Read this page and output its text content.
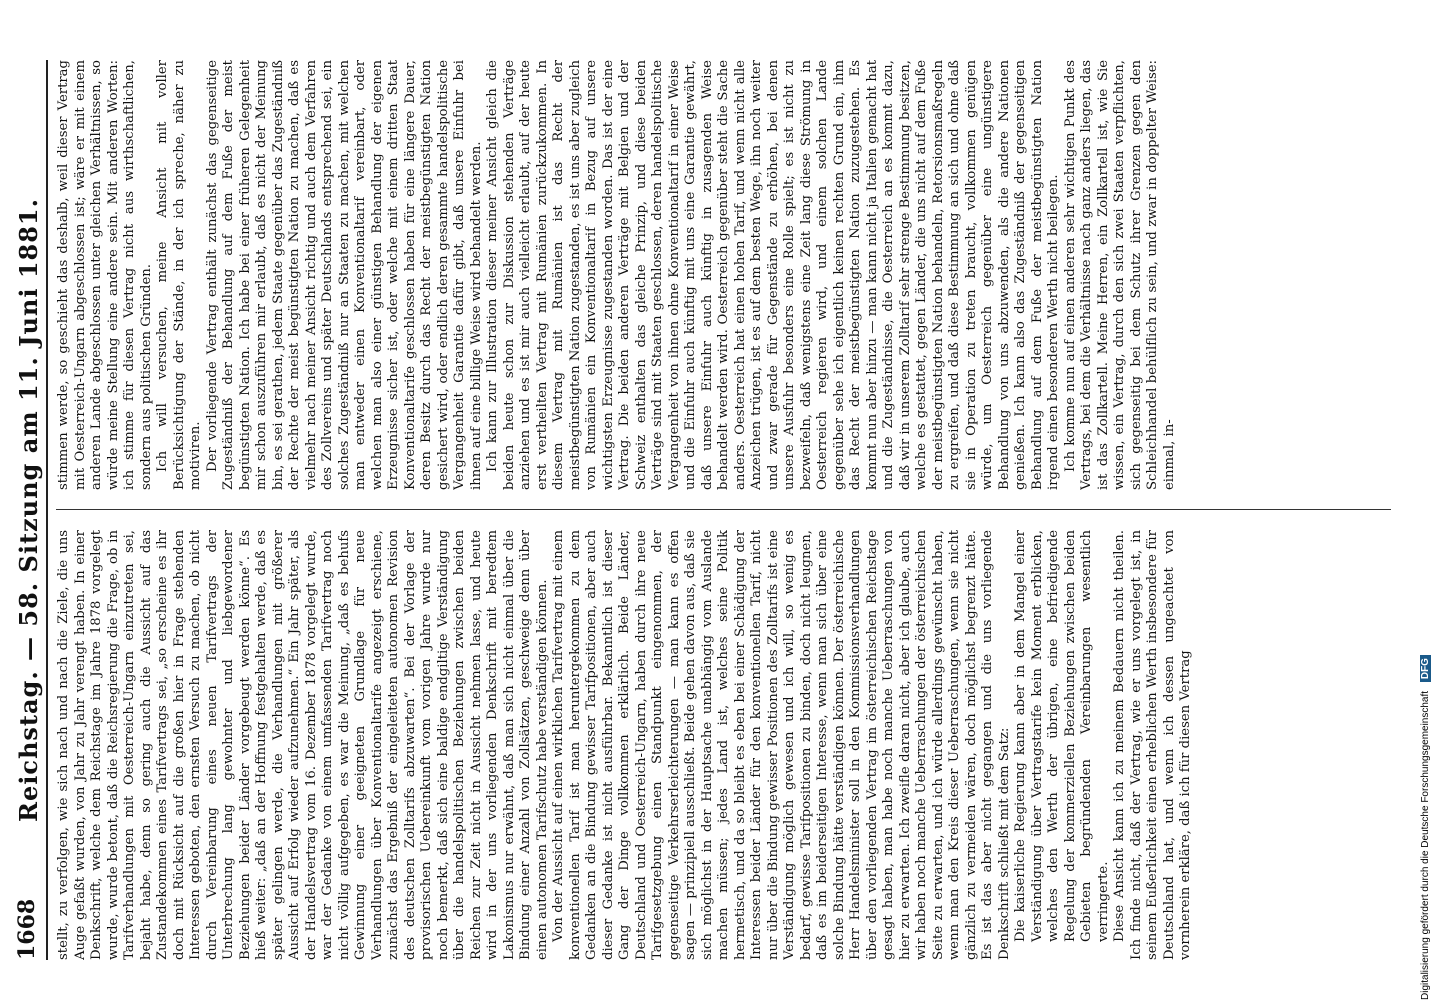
1668
Reichstag. — 58. Sitzung am 11. Juni 1881. stellt, zu verfolgen, wie sich nach und nach die Ziele, die uns Auge gefaßt wurden, von Jahr zu Jahr verengt haben. In einer Denkschrift, welche dem Reichstage im Jahre 1878 vorgelegt wurde, wurde betont, daß die Reichsregierung die Frage, ob in Tarifverhandlungen mit Oesterreich-Ungarn einzutreten sei, bejaht habe, denn so gering auch die Aussicht auf das Zustandekommen eines Tarifvertrags sei, „so erscheine es ihr doch mit Rücksicht auf die großen hier in Frage stehenden Interessen geboten, den ernsten Versuch zu machen, ob nicht durch Vereinbarung eines neuen Tarifvertrags der Unterbrechung lang gewohnter und liebgewordener Beziehungen beider Länder vorgebeugt werden könne“. Es hieß weiter: „daß an der Hoffnung festgehalten werde, daß es später gelingen werde, die Verhandlungen mit größerer Aussicht auf Erfolg wieder aufzunehmen.“ Ein Jahr später, als der Handelsvertrag vom 16. Dezember 1878 vorgelegt wurde, war der Gedanke von einem umfassenden Tarifvertrag noch nicht völlig aufgegeben, es war die Meinung, „daß es behufs Gewinnung einer geeigneten Grundlage für neue Verhandlungen über Konventionaltarife angezeigt erschiene, zunächst das Ergebniß der eingeleiteten autonomen Revision des deutschen Zolltarifs abzuwarten“. Bei der Vorlage der provisorischen Uebereinkunft vom vorigen Jahre wurde nur noch bemerkt, daß sich eine baldige endgiltige Verständigung über die handelspolitischen Beziehungen zwischen beiden Reichen zur Zeit nicht in Aussicht nehmen lasse, und heute wird in der uns vorliegenden Denkschrift mit beredtem Lakonismus nur erwähnt, daß man sich nicht einmal über die Bindung einer Anzahl von Zollsätzen, geschweige denn über einen autonomen Tarifschutz habe verständigen können. Von der Aussicht auf einen wirklichen Tarifvertrag mit einem konventionellen Tarif ist man heruntergekommen zu dem Gedanken an die Bindung gewisser Tarifpositionen, aber auch dieser Gedanke ist nicht ausführbar. Bekanntlich ist dieser Gang der Dinge vollkommen erklärlich. Beide Länder, Deutschland und Oesterreich-Ungarn, haben durch ihre neue Tarifgesetzgebung einen Standpunkt eingenommen, der gegenseitige Verkehrserleichterungen — man kann es offen sagen — prinzipiell ausschließt. Beide gehen davon aus, daß sie sich möglichst in der Hauptsache unabhängig vom Auslande machen müssen; jedes Land ist, welches seine Politik hermetisch, und da so bleibt es eben bei einer Schädigung der Interessen beider Länder für den konventionellen Tarif, nicht nur über die Bindung gewisser Positionen des Zolltarifs ist eine Verständigung möglich gewesen und ich will, so wenig es bedarf, gewisse Tarifpositionen zu binden, doch nicht leugnen, daß es im beiderseitigen Interesse, wenn man sich über eine solche Bindung hätte verständigen können. Der österreichische Herr Handelsminister soll in den Kommissionsverhandlungen über den vorliegenden Vertrag im österreichischen Reichstage gesagt haben, man habe noch manche Ueberraschungen von hier zu erwarten. Ich zweifle daran nicht, aber ich glaube, auch wir haben noch manche Ueberraschungen der österreichischen Seite zu erwarten, und ich würde allerdings gewünscht haben, wenn man den Kreis dieser Ueberraschungen, wenn sie nicht gänzlich zu vermeiden wären, doch möglichst begrenzt hätte. Es ist das aber nicht gegangen und die uns vorliegende Denkschrift schließt mit dem Satz: Die kaiserliche Regierung kann aber in dem Mangel einer Verständigung über Vertragstarife kein Moment erblicken, welches den Werth der übrigen, eine befriedigende Regelung der kommerziellen Beziehungen zwischen beiden Gebieten begründenden Vereinbarungen wesentlich verringerte. Diese Ansicht kann ich zu meinem Bedauern nicht theilen. Ich finde nicht, daß der Vertrag, wie er uns vorgelegt ist, in seinem Eußerlichkeit einen erheblichen Werth insbesondere für Deutschland hat, und wenn ich dessen ungeachtet von vornherein erkläre, daß ich für diesen Vertrag

stimmen werde, so geschieht das deshalb, weil dieser Vertrag mit Oesterreich-Ungarn abgeschlossen ist; wäre er mit einem anderen Lande abgeschlossen unter gleichen Verhältnissen, so würde meine Stellung eine andere sein. Mit anderen Worten: ich stimme für diesen Vertrag nicht aus wirthschaftlichen, sondern aus politischen Gründen. Ich will versuchen, meine Ansicht mit voller Berücksichtigung der Stände, in der ich spreche, näher zu motiviren. Der vorliegende Vertrag enthält zunächst das gegenseitige Zugeständniß der Behandlung auf dem Fuße der meist begünstigten Nation. Ich habe bei einer früheren Gelegenheit mir schon auszuführen mir erlaubt, daß es nicht der Meinung bin, es sei gerathen, jedem Staate gegenüber das Zugeständniß der Rechte der meist begünstigten Nation zu machen, daß es vielmehr nach meiner Ansicht richtig und auch dem Verfahren des Zollvereins und später Deutschlands entsprechend sei, ein solches Zugeständniß nur an Staaten zu machen, mit welchen man entweder einen Konventionaltarif vereinbart, oder welchen man also einer günstigen Behandlung der eigenen Erzeugnisse sicher ist, oder welche mit einem dritten Staat Konventionaltarife geschlossen haben für eine längere Dauer, deren Besitz durch das Recht der meistbegünstigten Nation gesichert wird, oder endlich deren gesammte handelspolitische Vergangenheit Garantie dafür gibt, daß unsere Einfuhr bei ihnen auf eine billige Weise wird behandelt werden. Ich kann zur Illustration dieser meiner Ansicht gleich die beiden heute schon zur Diskussion stehenden Verträge anziehen und es ist mir auch vielleicht erlaubt, auf der heute erst vertheilten Vertrag mit Rumänien zurückzukommen. In diesem Vertrag mit Rumänien ist das Recht der meistbegünstigten Nation zugestanden, es ist uns aber zugleich von Rumänien ein Konventionaltarif in Bezug auf unsere wichtigsten Erzeugnisse zugestanden worden. Das ist der eine Vertrag. Die beiden anderen Verträge mit Belgien und der Schweiz enthalten das gleiche Prinzip, und diese beiden Verträge sind mit Staaten geschlossen, deren handelspolitische Vergangenheit von ihnen ohne Konventionaltarif in einer Weise und die Einfuhr auch künftig mit uns eine Garantie gewährt, daß unsere Einfuhr auch künftig in zusagenden Weise behandelt werden wird. Oesterreich gegenüber steht die Sache anders. Oesterreich hat einen hohen Tarif, und wenn nicht alle Anzeichen trügen, ist es auf dem besten Wege, ihn noch weiter und zwar gerade für Gegenstände zu erhöhen, bei denen unsere Ausfuhr besonders eine Rolle spielt; es ist nicht zu bezweifeln, daß wenigstens eine Zeit lang diese Strömung in Oesterreich regieren wird, und einem solchen Lande gegenüber sehe ich eigentlich keinen rechten Grund ein, ihm das Recht der meistbegünstigten Nation zuzugestehen. Es kommt nun aber hinzu — man kann nicht ja Italien gemacht hat und die Zugeständnisse, die Oesterreich an es kommt dazu, daß wir in unserem Zolltarif sehr strenge Bestimmung besitzen, welche es gestattet, gegen Länder, die uns nicht auf dem Fuße der meistbegünstigten Nation behandeln, Retorsionsmaßregeln zu ergreifen, und daß diese Bestimmung an sich und ohne daß sie in Operation zu treten braucht, vollkommen genügen würde, um Oesterreich gegenüber eine ungünstigere Behandlung von uns abzuwenden, als die andere Nationen genießen. Ich kann also das Zugeständniß der gegenseitigen Behandlung auf dem Fuße der meistbegünstigten Nation irgend einen besonderen Werth nicht beilegen. Ich komme nun auf einen anderen sehr wichtigen Punkt des Vertrags, bei dem die Verhältnisse nach ganz anders liegen, das ist das Zollkartell. Meine Herren, ein Zollkartell ist, wie Sie wissen, ein Vertrag, durch den sich zwei Staaten verpflichten, sich gegenseitig bei dem Schutz ihrer Grenzen gegen den Schleichhandel behülflich zu sein, und zwar in doppelter Weise: einmal, in-

Digitalisierung gefördert durch die Deutsche Forschungsgemeinschaft DFG
